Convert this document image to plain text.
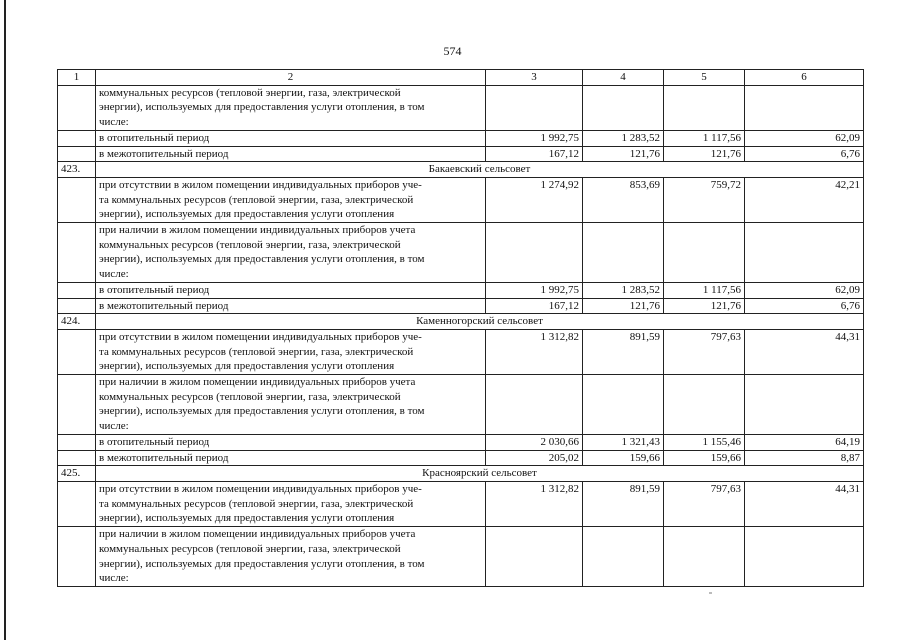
574
1	2	3	4	5	6

	коммунальных ресурсов (тепловой энергии, газа, электрической
энергии), используемых для предоставления услуги отопления, в том
числе:				

	в отопительный период	1 992,75	1 283,52	1 117,56	62,09
	в межотопительный период	167,12	121,76	121,76	6,76
423.	Бакаевский сельсовет				

	при отсутствии в жилом помещении индивидуальных приборов уче-
та коммунальных ресурсов (тепловой энергии, газа, электрической
энергии), используемых для предоставления услуги отопления	1 274,92	853,69	759,72	42,21

	при наличии в жилом помещении индивидуальных приборов учета
коммунальных ресурсов (тепловой энергии, газа, электрической
энергии), используемых для предоставления услуги отопления, в том
числе:				

	в отопительный период	1 992,75	1 283,52	1 117,56	62,09
	в межотопительный период	167,12	121,76	121,76	6,76
424.	Каменногорский сельсовет				

	при отсутствии в жилом помещении индивидуальных приборов уче-
та коммунальных ресурсов (тепловой энергии, газа, электрической
энергии), используемых для предоставления услуги отопления	1 312,82	891,59	797,63	44,31

	при наличии в жилом помещении индивидуальных приборов учета
коммунальных ресурсов (тепловой энергии, газа, электрической
энергии), используемых для предоставления услуги отопления, в том
числе:				

	в отопительный период	2 030,66	1 321,43	1 155,46	64,19
	в межотопительный период	205,02	159,66	159,66	8,87
425.	Красноярский сельсовет				

	при отсутствии в жилом помещении индивидуальных приборов уче-
та коммунальных ресурсов (тепловой энергии, газа, электрической
энергии), используемых для предоставления услуги отопления	1 312,82	891,59	797,63	44,31

	при наличии в жилом помещении индивидуальных приборов учета
коммунальных ресурсов (тепловой энергии, газа, электрической
энергии), используемых для предоставления услуги отопления, в том
числе:				
